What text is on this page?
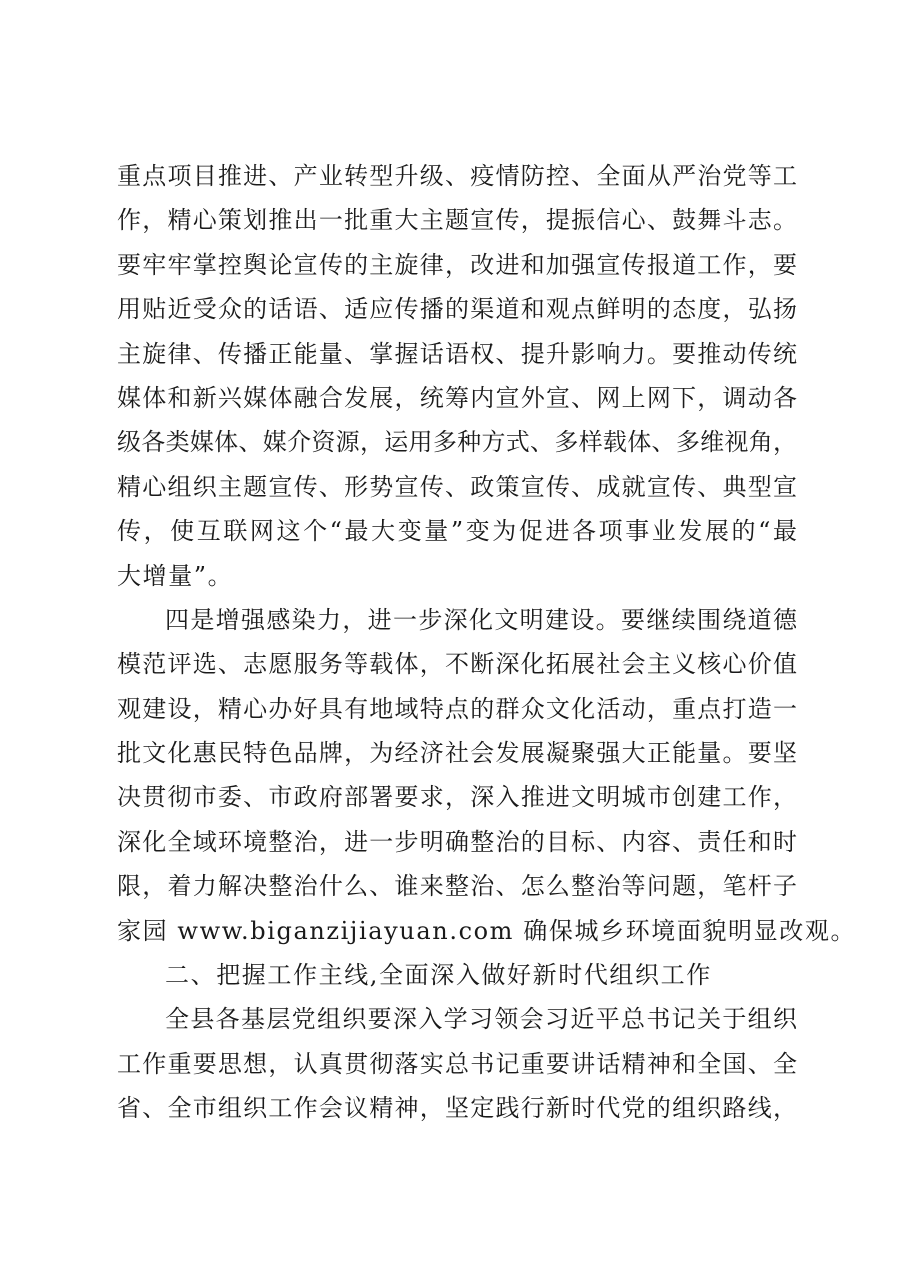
重点项目推进、产业转型升级、疫情防控、全面从严治党等工
作，精心策划推出一批重大主题宣传，提振信心、鼓舞斗志。
要牢牢掌控舆论宣传的主旋律，改进和加强宣传报道工作，要
用贴近受众的话语、适应传播的渠道和观点鲜明的态度，弘扬
主旋律、传播正能量、掌握话语权、提升影响力。要推动传统
媒体和新兴媒体融合发展，统筹内宣外宣、网上网下，调动各
级各类媒体、媒介资源，运用多种方式、多样载体、多维视角，
精心组织主题宣传、形势宣传、政策宣传、成就宣传、典型宣
传，使互联网这个“最大变量”变为促进各项事业发展的“最
大增量”。
四是增强感染力，进一步深化文明建设。要继续围绕道德
模范评选、志愿服务等载体，不断深化拓展社会主义核心价值
观建设，精心办好具有地域特点的群众文化活动，重点打造一
批文化惠民特色品牌，为经济社会发展凝聚强大正能量。要坚
决贯彻市委、市政府部署要求，深入推进文明城市创建工作，
深化全域环境整治，进一步明确整治的目标、内容、责任和时
限，着力解决整治什么、谁来整治、怎么整治等问题，笔杆子
家园 www.biganzijiayuan.com 确保城乡环境面貌明显改观。
二、把握工作主线,全面深入做好新时代组织工作
全县各基层党组织要深入学习领会习近平总书记关于组织
工作重要思想，认真贯彻落实总书记重要讲话精神和全国、全
省、全市组织工作会议精神，坚定践行新时代党的组织路线，
